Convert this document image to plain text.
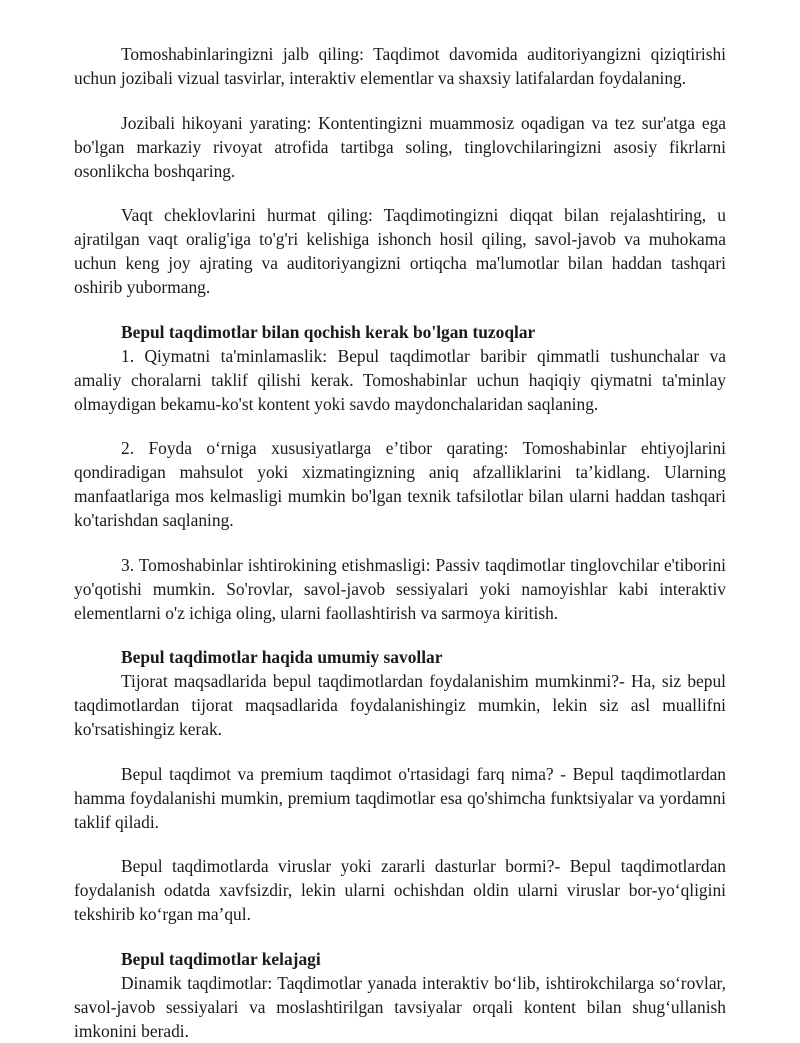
Tomoshabinlaringizni jalb qiling: Taqdimot davomida auditoriyangizni qiziqtirishi uchun jozibali vizual tasvirlar, interaktiv elementlar va shaxsiy latifalardan foydalaning.

Jozibali hikoyani yarating: Kontentingizni muammosiz oqadigan va tez sur'atga ega bo'lgan markaziy rivoyat atrofida tartibga soling, tinglovchilaringizni asosiy fikrlarni osonlikcha boshqaring.

Vaqt cheklovlarini hurmat qiling: Taqdimotingizni diqqat bilan rejalashtiring, u ajratilgan vaqt oralig'iga to'g'ri kelishiga ishonch hosil qiling, savol-javob va muhokama uchun keng joy ajrating va auditoriyangizni ortiqcha ma'lumotlar bilan haddan tashqari oshirib yubormang.

Bepul taqdimotlar bilan qochish kerak bo'lgan tuzoqlar

1. Qiymatni ta'minlamaslik: Bepul taqdimotlar baribir qimmatli tushunchalar va amaliy choralarni taklif qilishi kerak. Tomoshabinlar uchun haqiqiy qiymatni ta'minlay olmaydigan bekamu-ko'st kontent yoki savdo maydonchalaridan saqlaning.

2. Foyda oʻrniga xususiyatlarga eʼtibor qarating: Tomoshabinlar ehtiyojlarini qondiradigan mahsulot yoki xizmatingizning aniq afzalliklarini taʼkidlang. Ularning manfaatlariga mos kelmasligi mumkin bo'lgan texnik tafsilotlar bilan ularni haddan tashqari ko'tarishdan saqlaning.

3. Tomoshabinlar ishtirokining etishmasligi: Passiv taqdimotlar tinglovchilar e'tiborini yo'qotishi mumkin. So'rovlar, savol-javob sessiyalari yoki namoyishlar kabi interaktiv elementlarni o'z ichiga oling, ularni faollashtirish va sarmoya kiritish.

Bepul taqdimotlar haqida umumiy savollar

Tijorat maqsadlarida bepul taqdimotlardan foydalanishim mumkinmi?- Ha, siz bepul taqdimotlardan tijorat maqsadlarida foydalanishingiz mumkin, lekin siz asl muallifni ko'rsatishingiz kerak.

Bepul taqdimot va premium taqdimot o'rtasidagi farq nima? - Bepul taqdimotlardan hamma foydalanishi mumkin, premium taqdimotlar esa qo'shimcha funktsiyalar va yordamni taklif qiladi.

Bepul taqdimotlarda viruslar yoki zararli dasturlar bormi?- Bepul taqdimotlardan foydalanish odatda xavfsizdir, lekin ularni ochishdan oldin ularni viruslar bor-yoʻqligini tekshirib koʻrgan maʼqul.

Bepul taqdimotlar kelajagi

Dinamik taqdimotlar: Taqdimotlar yanada interaktiv boʻlib, ishtirokchilarga soʻrovlar, savol-javob sessiyalari va moslashtirilgan tavsiyalar orqali kontent bilan shugʻullanish imkonini beradi.
